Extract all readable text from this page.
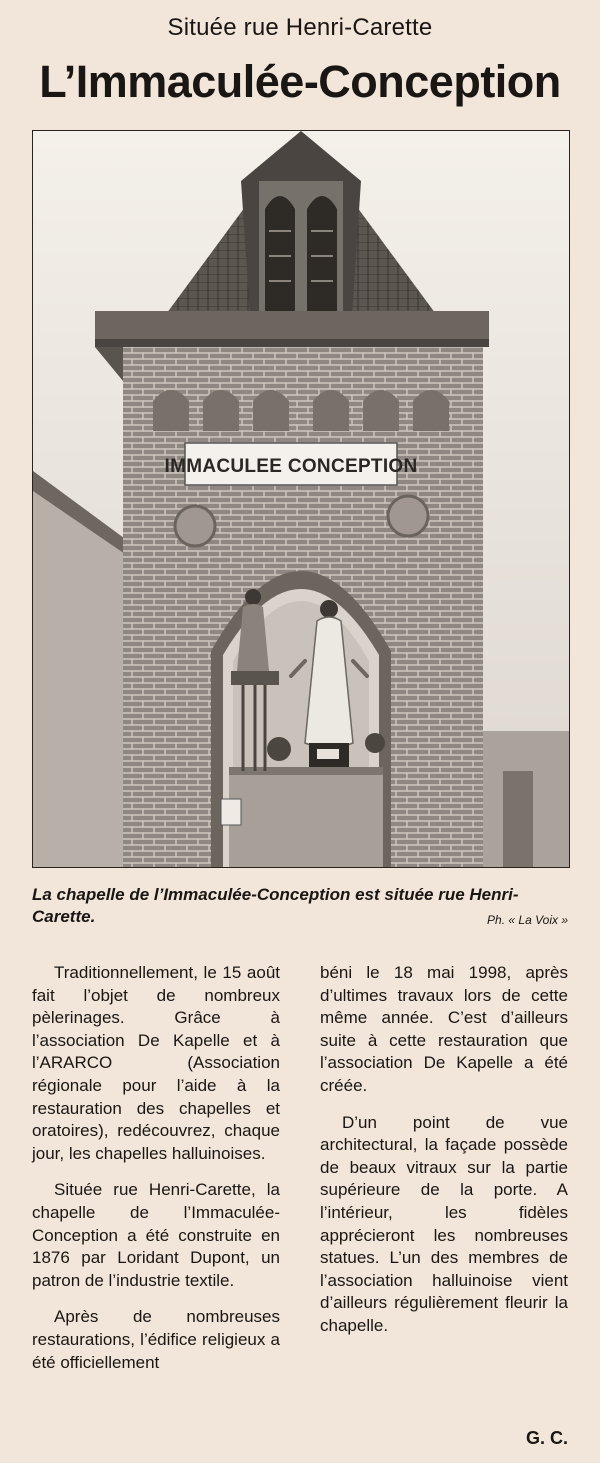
Située rue Henri-Carette
L’Immaculée-Conception
IMMACULEE CONCEPTION
La chapelle de l’Immaculée-Conception est située rue Henri-Carette.	Ph. « La Voix »

Traditionnellement, le 15 août fait l’objet de nombreux pèlerinages. Grâce à l’association De Kapelle et à l’ARARCO (Association régionale pour l’aide à la restauration des chapelles et oratoires), redécouvrez, chaque jour, les chapelles halluinoises.

Située rue Henri-Carette, la chapelle de l’Immaculée-Conception a été construite en 1876 par Loridant Dupont, un patron de l’industrie textile.

Après de nombreuses restaurations, l’édifice religieux a été officiellement

béni le 18 mai 1998, après d’ultimes travaux lors de cette même année. C’est d’ailleurs suite à cette restauration que l’association De Kapelle a été créée.

D’un point de vue architectural, la façade possède de beaux vitraux sur la partie supérieure de la porte. A l’intérieur, les fidèles apprécieront les nombreuses statues. L’un des membres de l’association halluinoise vient d’ailleurs régulièrement fleurir la chapelle.

G. C.
